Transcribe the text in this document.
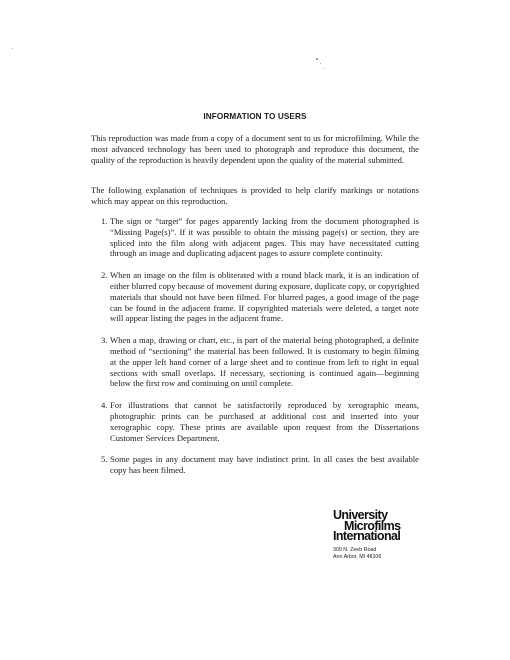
INFORMATION TO USERS
This reproduction was made from a copy of a document sent to us for microfilming. While the most advanced technology has been used to photograph and reproduce this document, the quality of the reproduction is heavily dependent upon the quality of the material submitted.
The following explanation of techniques is provided to help clarify markings or notations which may appear on this reproduction.
1. The sign or “target” for pages apparently lacking from the document photographed is “Missing Page(s)”. If it was possible to obtain the missing page(s) or section, they are spliced into the film along with adjacent pages. This may have necessitated cutting through an image and duplicating adjacent pages to assure complete continuity.
2. When an image on the film is obliterated with a round black mark, it is an indication of either blurred copy because of movement during exposure, duplicate copy, or copyrighted materials that should not have been filmed. For blurred pages, a good image of the page can be found in the adjacent frame. If copyrighted materials were deleted, a target note will appear listing the pages in the adjacent frame.
3. When a map, drawing or chart, etc., is part of the material being photographed, a definite method of “sectioning” the material has been followed. It is customary to begin filming at the upper left hand corner of a large sheet and to continue from left to right in equal sections with small overlaps. If necessary, sectioning is continued again—beginning below the first row and continuing on until complete.
4. For illustrations that cannot be satisfactorily reproduced by xerographic means, photographic prints can be purchased at additional cost and inserted into your xerographic copy. These prints are available upon request from the Dissertations Customer Services Department.
5. Some pages in any document may have indistinct print. In all cases the best available copy has been filmed.
University
Microfilms
International
300 N. Zeeb Road
Ann Arbor, MI 48106
